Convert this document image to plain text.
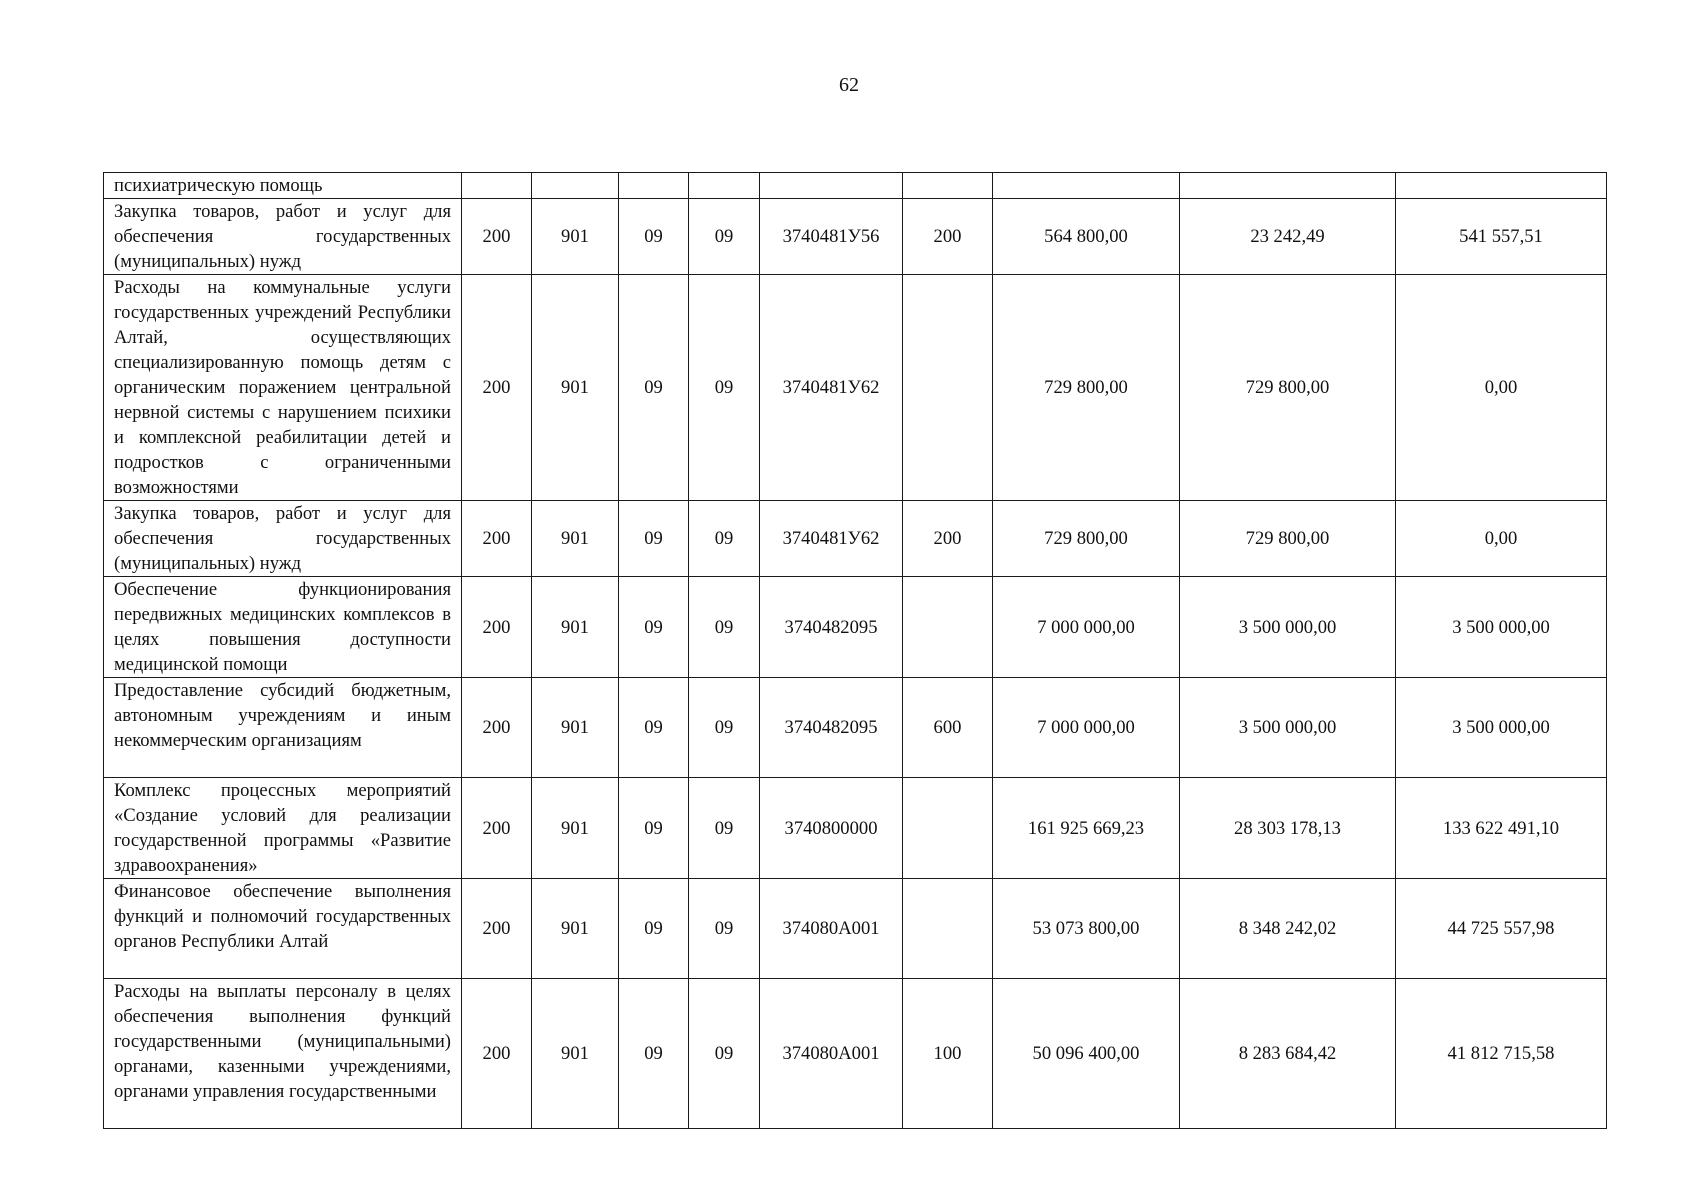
62
психиатрическую помощь									
Закупка товаров, работ и услуг для обеспечения государственных (муниципальных) нужд	200	901	09	09	3740481У56	200	564 800,00	23 242,49	541 557,51
Расходы на коммунальные услуги государственных учреждений Республики Алтай, осуществляющих специализированную помощь детям с органическим поражением центральной нервной системы с нарушением психики и комплексной реабилитации детей и подростков с ограниченными возможностями	200	901	09	09	3740481У62		729 800,00	729 800,00	0,00
Закупка товаров, работ и услуг для обеспечения государственных (муниципальных) нужд	200	901	09	09	3740481У62	200	729 800,00	729 800,00	0,00
Обеспечение функционирования передвижных медицинских комплексов в целях повышения доступности медицинской помощи	200	901	09	09	3740482095		7 000 000,00	3 500 000,00	3 500 000,00
Предоставление субсидий бюджетным, автономным учреждениям и иным некоммерческим организациям	200	901	09	09	3740482095	600	7 000 000,00	3 500 000,00	3 500 000,00
Комплекс процессных мероприятий «Создание условий для реализации государственной программы «Развитие здравоохранения»	200	901	09	09	3740800000		161 925 669,23	28 303 178,13	133 622 491,10
Финансовое обеспечение выполнения функций и полномочий государственных органов Республики Алтай	200	901	09	09	374080А001		53 073 800,00	8 348 242,02	44 725 557,98
Расходы на выплаты персоналу в целях обеспечения выполнения функций государственными (муниципальными) органами, казенными учреждениями, органами управления государственными	200	901	09	09	374080А001	100	50 096 400,00	8 283 684,42	41 812 715,58
